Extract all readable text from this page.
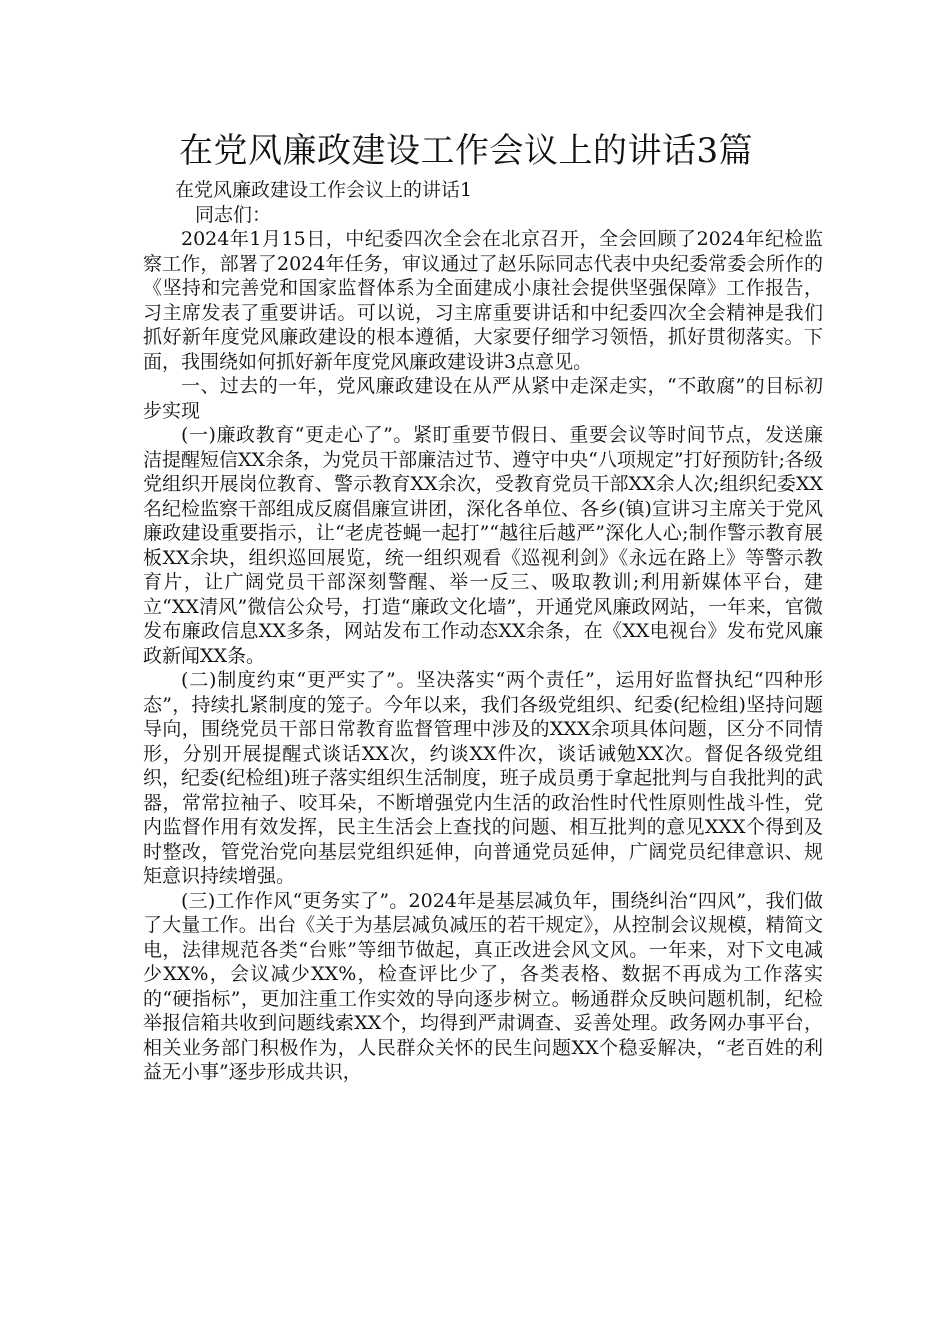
在党风廉政建设工作会议上的讲话3篇

在党风廉政建设工作会议上的讲话1

同志们：

2024年1月15日，中纪委四次全会在北京召开，全会回顾了2024年纪检监察工作，部署了2024年任务，审议通过了赵乐际同志代表中央纪委常委会所作的《坚持和完善党和国家监督体系为全面建成小康社会提供坚强保障》工作报告，习主席发表了重要讲话。可以说，习主席重要讲话和中纪委四次全会精神是我们抓好新年度党风廉政建设的根本遵循，大家要仔细学习领悟，抓好贯彻落实。下面，我围绕如何抓好新年度党风廉政建设讲3点意见。

一、过去的一年，党风廉政建设在从严从紧中走深走实，“不敢腐”的目标初步实现

(一)廉政教育“更走心了”。紧盯重要节假日、重要会议等时间节点，发送廉洁提醒短信XX余条，为党员干部廉洁过节、遵守中央“八项规定”打好预防针;各级党组织开展岗位教育、警示教育XX余次，受教育党员干部XX余人次;组织纪委XX名纪检监察干部组成反腐倡廉宣讲团，深化各单位、各乡(镇)宣讲习主席关于党风廉政建设重要指示，让“老虎苍蝇一起打”“越往后越严”深化人心;制作警示教育展板XX余块，组织巡回展览，统一组织观看《巡视利剑》《永远在路上》等警示教育片，让广阔党员干部深刻警醒、举一反三、吸取教训;利用新媒体平台，建立“XX清风”微信公众号，打造“廉政文化墙”，开通党风廉政网站，一年来，官微发布廉政信息XX多条，网站发布工作动态XX余条，在《XX电视台》发布党风廉政新闻XX条。

(二)制度约束“更严实了”。坚决落实“两个责任”，运用好监督执纪“四种形态”，持续扎紧制度的笼子。今年以来，我们各级党组织、纪委(纪检组)坚持问题导向，围绕党员干部日常教育监督管理中涉及的XXX余项具体问题，区分不同情形，分别开展提醒式谈话XX次，约谈XX件次，谈话诫勉XX次。督促各级党组织，纪委(纪检组)班子落实组织生活制度，班子成员勇于拿起批判与自我批判的武器，常常拉袖子、咬耳朵，不断增强党内生活的政治性时代性原则性战斗性，党内监督作用有效发挥，民主生活会上查找的问题、相互批判的意见XXX个得到及时整改，管党治党向基层党组织延伸，向普通党员延伸，广阔党员纪律意识、规矩意识持续增强。

(三)工作作风“更务实了”。2024年是基层减负年，围绕纠治“四风”，我们做了大量工作。出台《关于为基层减负减压的若干规定》，从控制会议规模，精简文电，法律规范各类“台账”等细节做起，真正改进会风文风。一年来，对下文电减少XX%，会议减少XX%，检查评比少了，各类表格、数据不再成为工作落实的“硬指标”，更加注重工作实效的导向逐步树立。畅通群众反映问题机制，纪检举报信箱共收到问题线索XX个，均得到严肃调查、妥善处理。政务网办事平台，相关业务部门积极作为，人民群众关怀的民生问题XX个稳妥解决，“老百姓的利益无小事”逐步形成共识，
